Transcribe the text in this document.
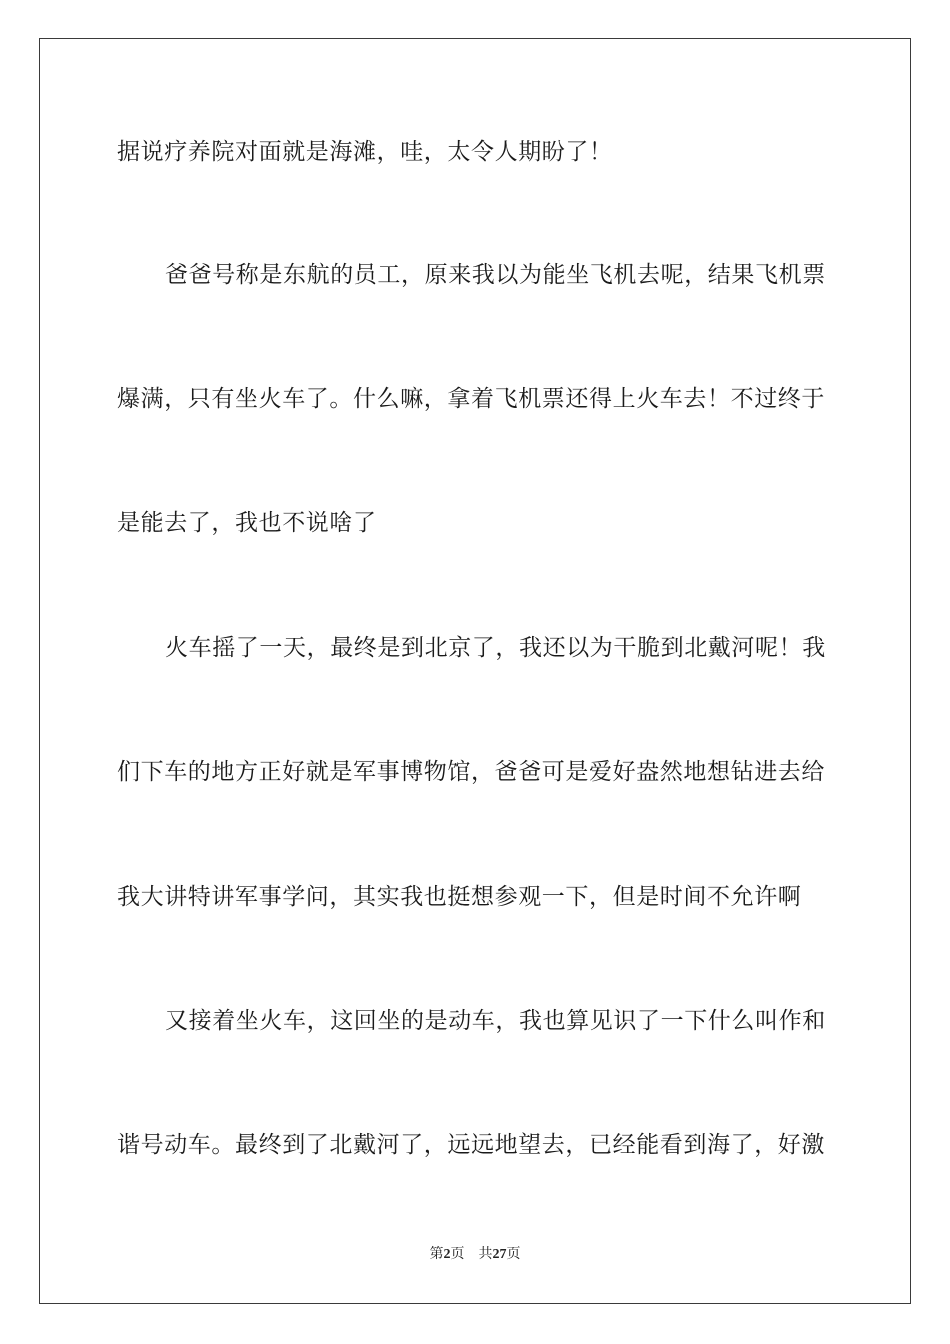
据说疗养院对面就是海滩，哇，太令人期盼了！
爸爸号称是东航的员工，原来我以为能坐飞机去呢，结果飞机票
爆满，只有坐火车了。什么嘛，拿着飞机票还得上火车去！不过终于
是能去了，我也不说啥了
火车摇了一天，最终是到北京了，我还以为干脆到北戴河呢！我
们下车的地方正好就是军事博物馆，爸爸可是爱好盎然地想钻进去给
我大讲特讲军事学问，其实我也挺想参观一下，但是时间不允许啊
又接着坐火车，这回坐的是动车，我也算见识了一下什么叫作和
谐号动车。最终到了北戴河了，远远地望去，已经能看到海了，好激
第2页 共27页
